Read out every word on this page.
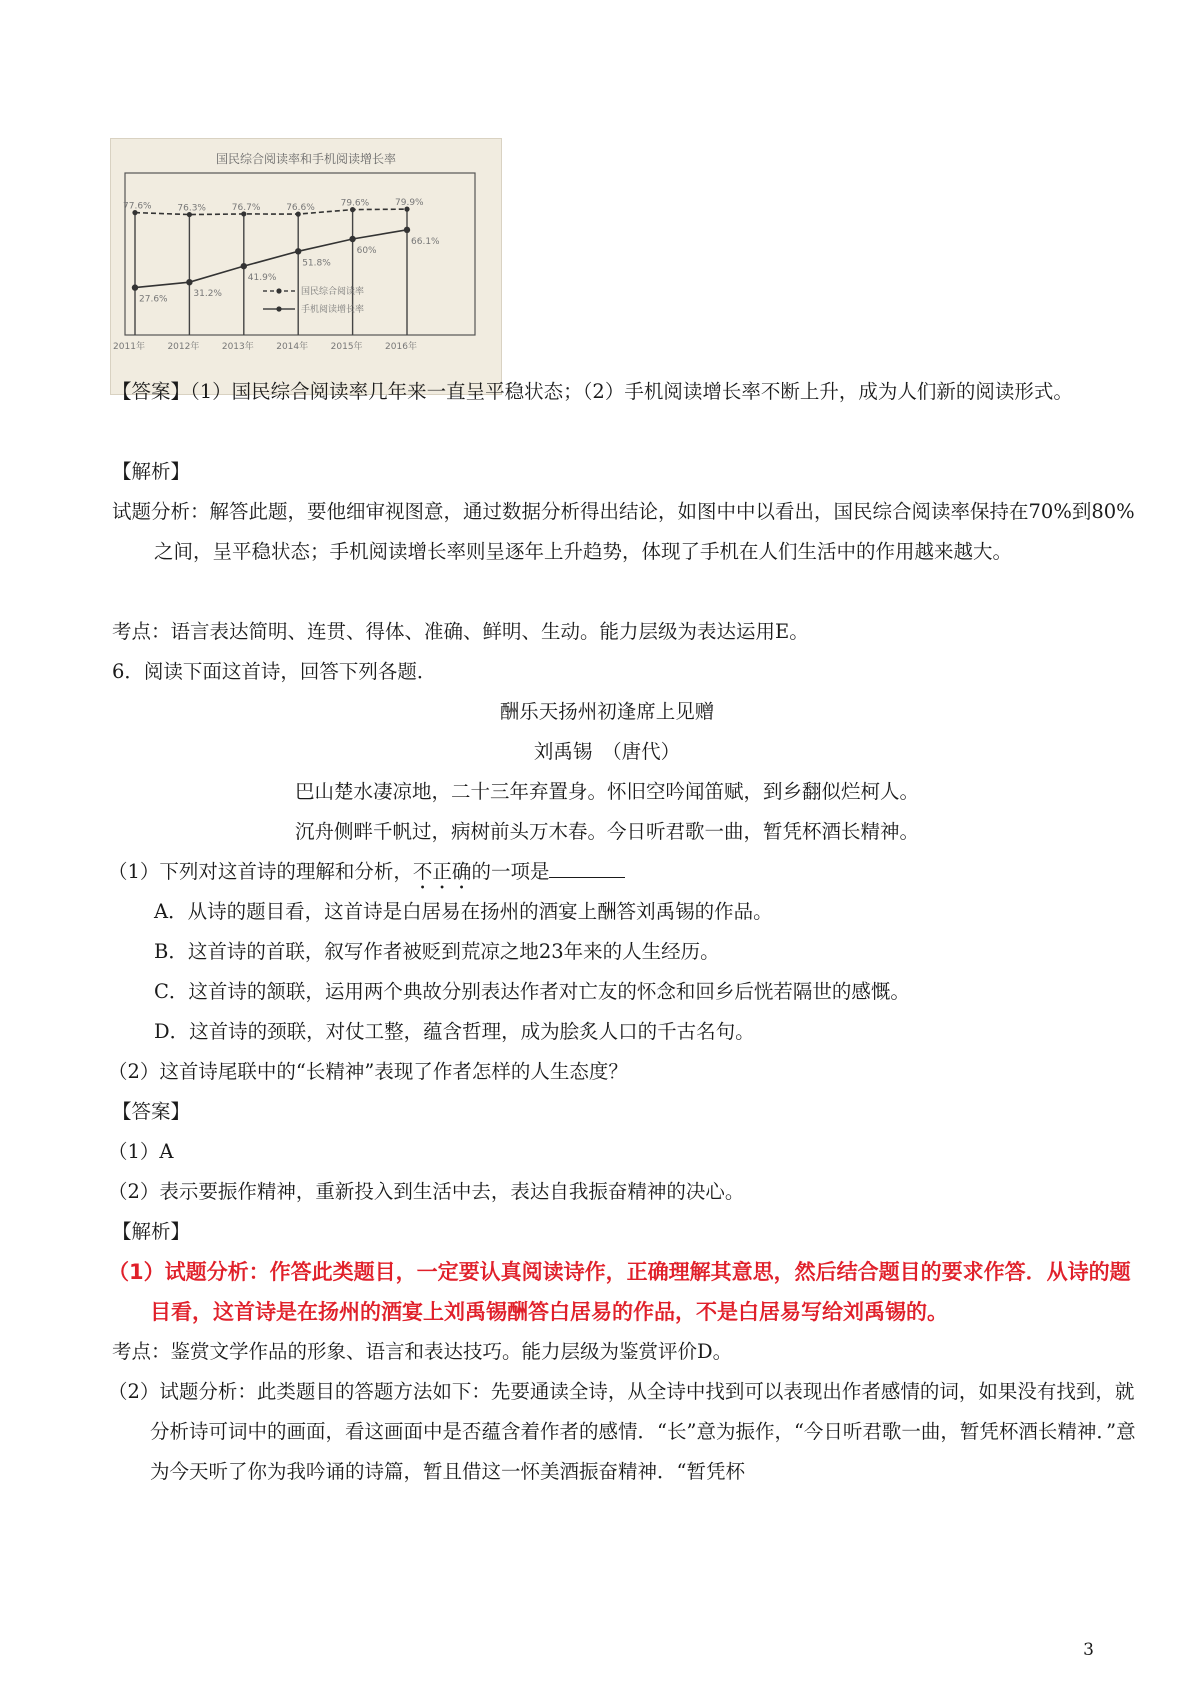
国民综合阅读率和手机阅读增长率
2011年 2012年 2013年 2014年 2015年 2016年
77.6%	76.3%	76.7%	76.6%	79.6%	79.9%
27.6%
31.2%
41.9%
51.8%
60%
66.1%
国民综合阅读率
手机阅读增长率
【答案】（1）国民综合阅读率几年来一直呈平稳状态；（2）手机阅读增长率不断上升，成为人们新的阅读形式。
【解析】
试题分析：解答此题，要他细审视图意，通过数据分析得出结论，如图中中以看出，国民综合阅读率保持在70%到80%之间，呈平稳状态；手机阅读增长率则呈逐年上升趋势，体现了手机在人们生活中的作用越来越大。
考点：语言表达简明、连贯、得体、准确、鲜明、生动。能力层级为表达运用E。
6．阅读下面这首诗，回答下列各题．
酬乐天扬州初逢席上见赠
刘禹锡　（唐代）
巴山楚水凄凉地，二十三年弃置身。怀旧空吟闻笛赋，到乡翻似烂柯人。
沉舟侧畔千帆过，病树前头万木春。今日听君歌一曲，暂凭杯酒长精神。
（1）下列对这首诗的理解和分析，不正确的一项是
A．从诗的题目看，这首诗是白居易在扬州的酒宴上酬答刘禹锡的作品。
B．这首诗的首联，叙写作者被贬到荒凉之地23年来的人生经历。
C．这首诗的颔联，运用两个典故分别表达作者对亡友的怀念和回乡后恍若隔世的感慨。
D．这首诗的颈联，对仗工整，蕴含哲理，成为脍炙人口的千古名句。
（2）这首诗尾联中的“长精神”表现了作者怎样的人生态度？
【答案】
（1）A
（2）表示要振作精神，重新投入到生活中去，表达自我振奋精神的决心。
【解析】
（1）试题分析：作答此类题目，一定要认真阅读诗作，正确理解其意思，然后结合题目的要求作答．从诗的题目看，这首诗是在扬州的酒宴上刘禹锡酬答白居易的作品，不是白居易写给刘禹锡的。
考点：鉴赏文学作品的形象、语言和表达技巧。能力层级为鉴赏评价D。
（2）试题分析：此类题目的答题方法如下：先要通读全诗，从全诗中找到可以表现出作者感情的词，如果没有找到，就分析诗可词中的画面，看这画面中是否蕴含着作者的感情．“长”意为振作，“今日听君歌一曲，暂凭杯酒长精神．”意为今天听了你为我吟诵的诗篇，暂且借这一怀美酒振奋精神．“暂凭杯
3
